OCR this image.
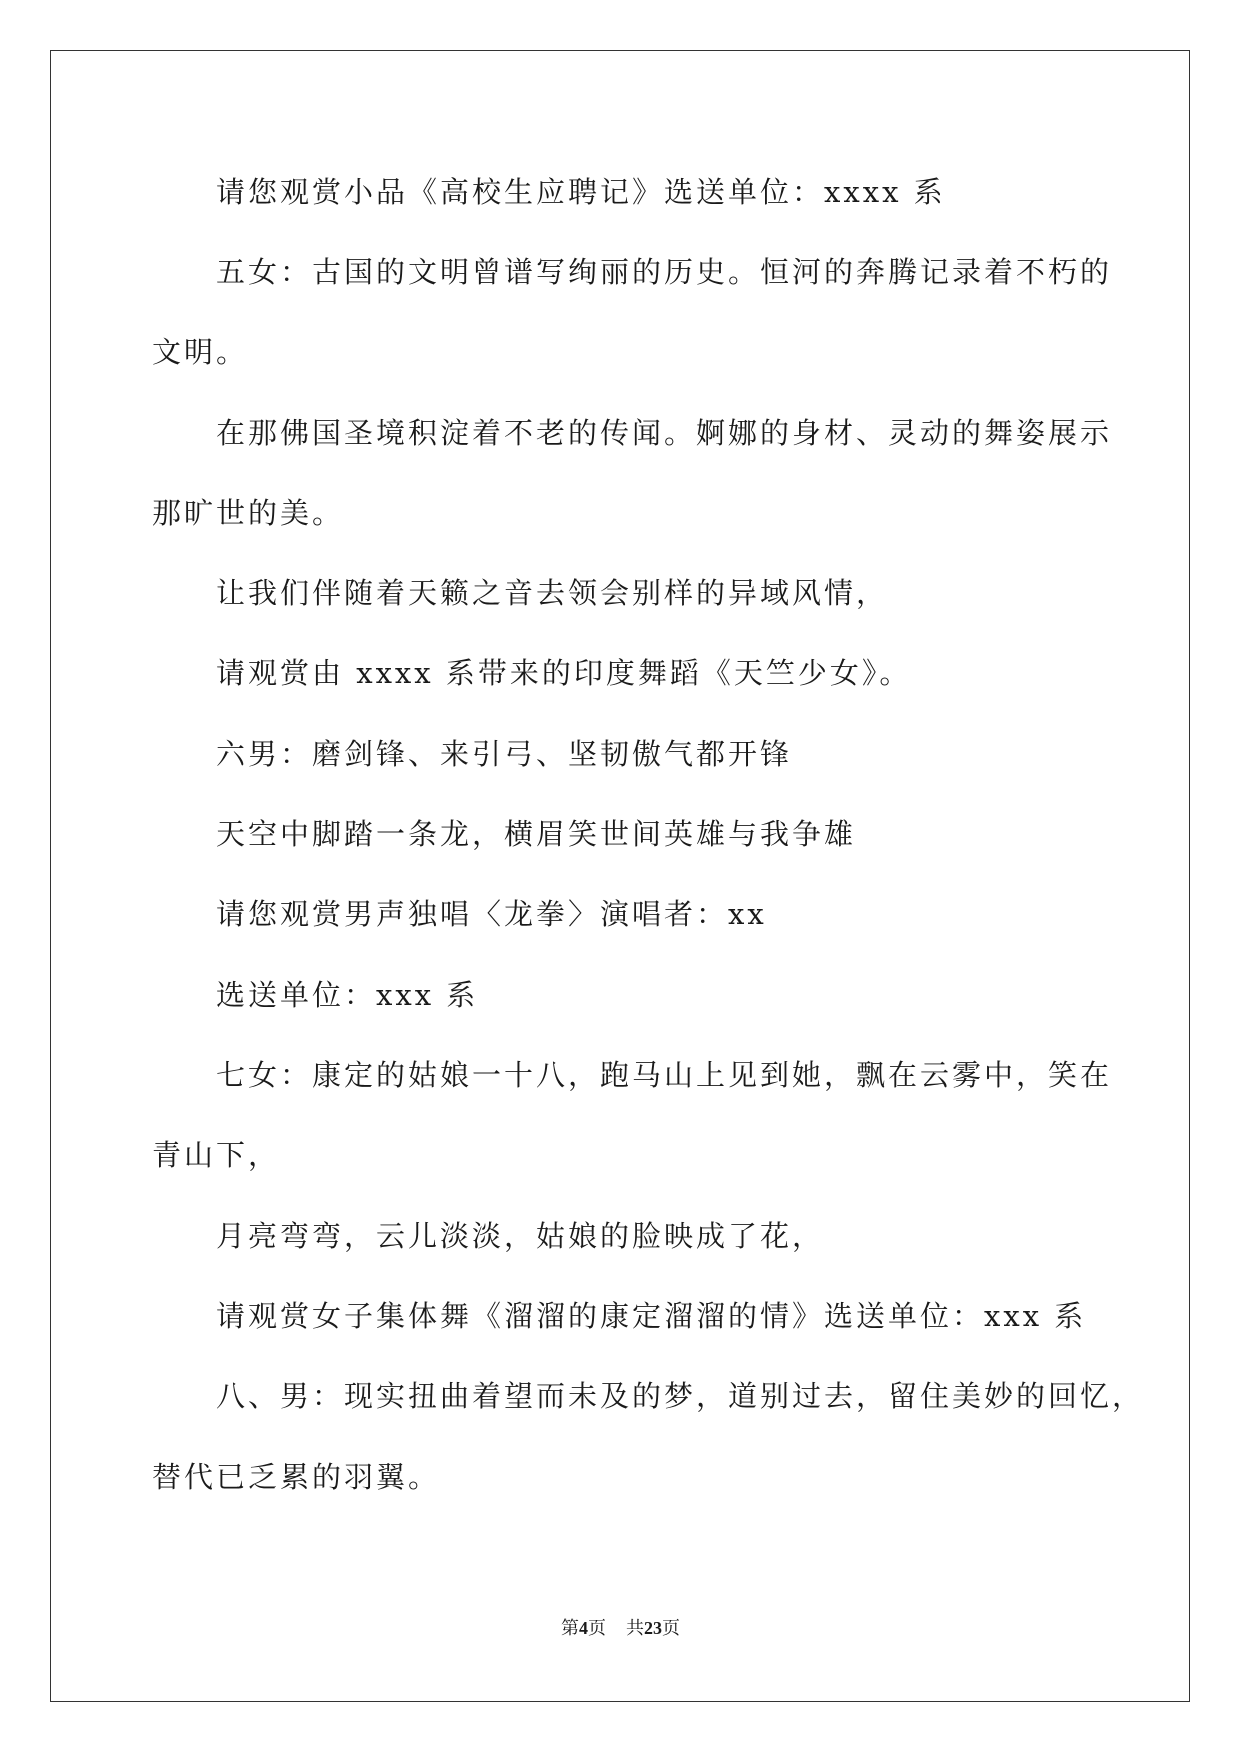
请您观赏小品《高校生应聘记》选送单位：xxxx 系
五女：古国的文明曾谱写绚丽的历史。恒河的奔腾记录着不朽的
文明。
在那佛国圣境积淀着不老的传闻。婀娜的身材、灵动的舞姿展示
那旷世的美。
让我们伴随着天籁之音去领会别样的异域风情，
请观赏由 xxxx 系带来的印度舞蹈《天竺少女》。
六男：磨剑锋、来引弓、坚韧傲气都开锋
天空中脚踏一条龙，横眉笑世间英雄与我争雄
请您观赏男声独唱〈龙拳〉演唱者：xx
选送单位：xxx 系
七女：康定的姑娘一十八，跑马山上见到她，飘在云雾中，笑在
青山下，
月亮弯弯，云儿淡淡，姑娘的脸映成了花，
请观赏女子集体舞《溜溜的康定溜溜的情》选送单位：xxx 系
八、男：现实扭曲着望而未及的梦，道别过去，留住美妙的回忆，
替代已乏累的羽翼。
第4页 共23页
